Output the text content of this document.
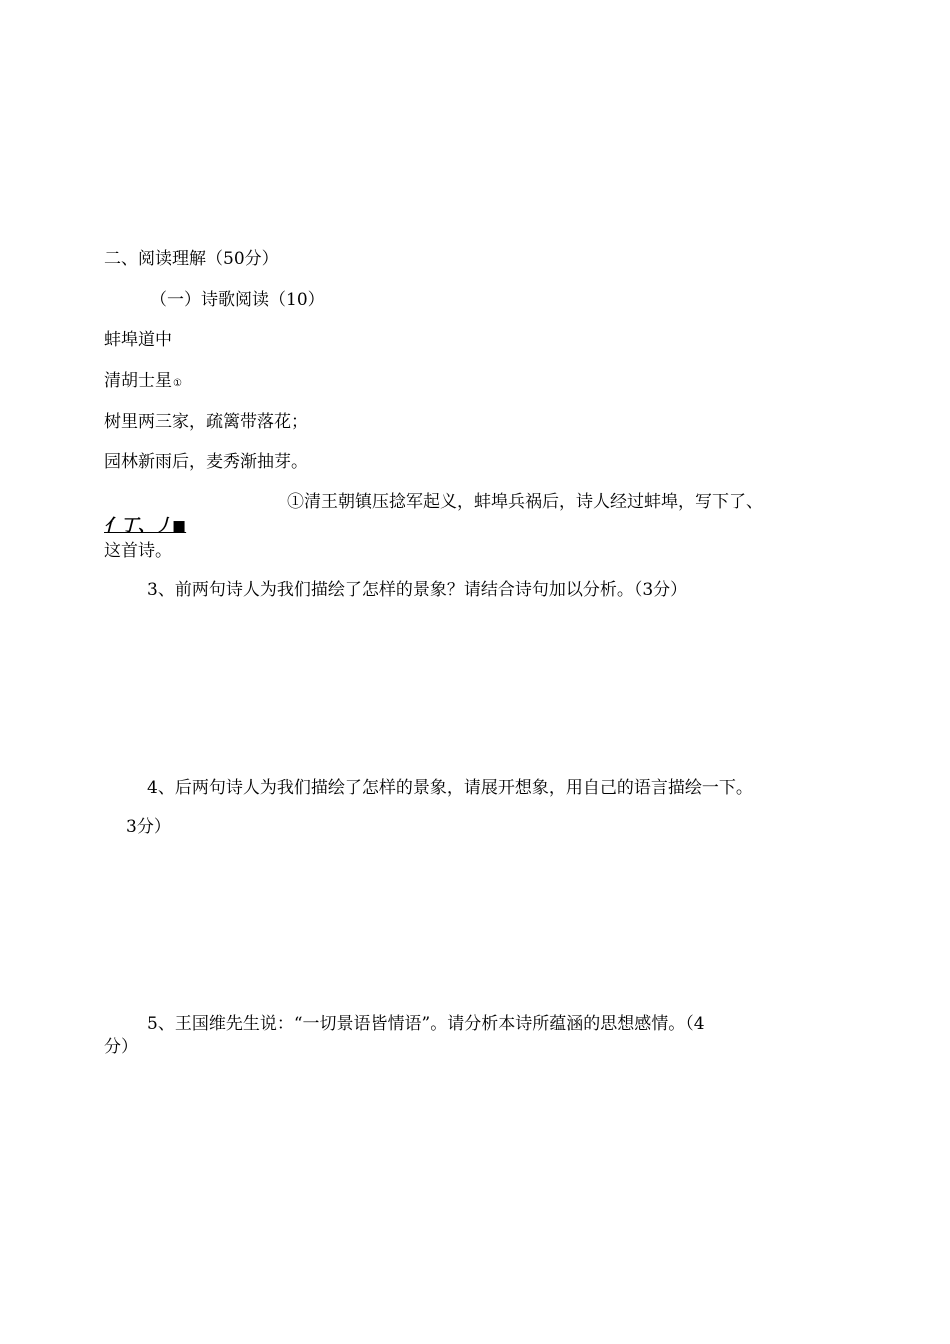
二、阅读理解（50分）
（一）诗歌阅读（10）
蚌埠道中
清胡士星①
树里两三家，疏篱带落花；
园林新雨后，麦秀渐抽芽。
①清王朝镇压捻军起义，蚌埠兵祸后，诗人经过蚌埠，写下了、
亻丁、丿◼
这首诗。
3、前两句诗人为我们描绘了怎样的景象？请结合诗句加以分析。（3分）
4、后两句诗人为我们描绘了怎样的景象，请展开想象，用自己的语言描绘一下。
3分）
5、王国维先生说：“一切景语皆情语”。请分析本诗所蕴涵的思想感情。（4
分）
